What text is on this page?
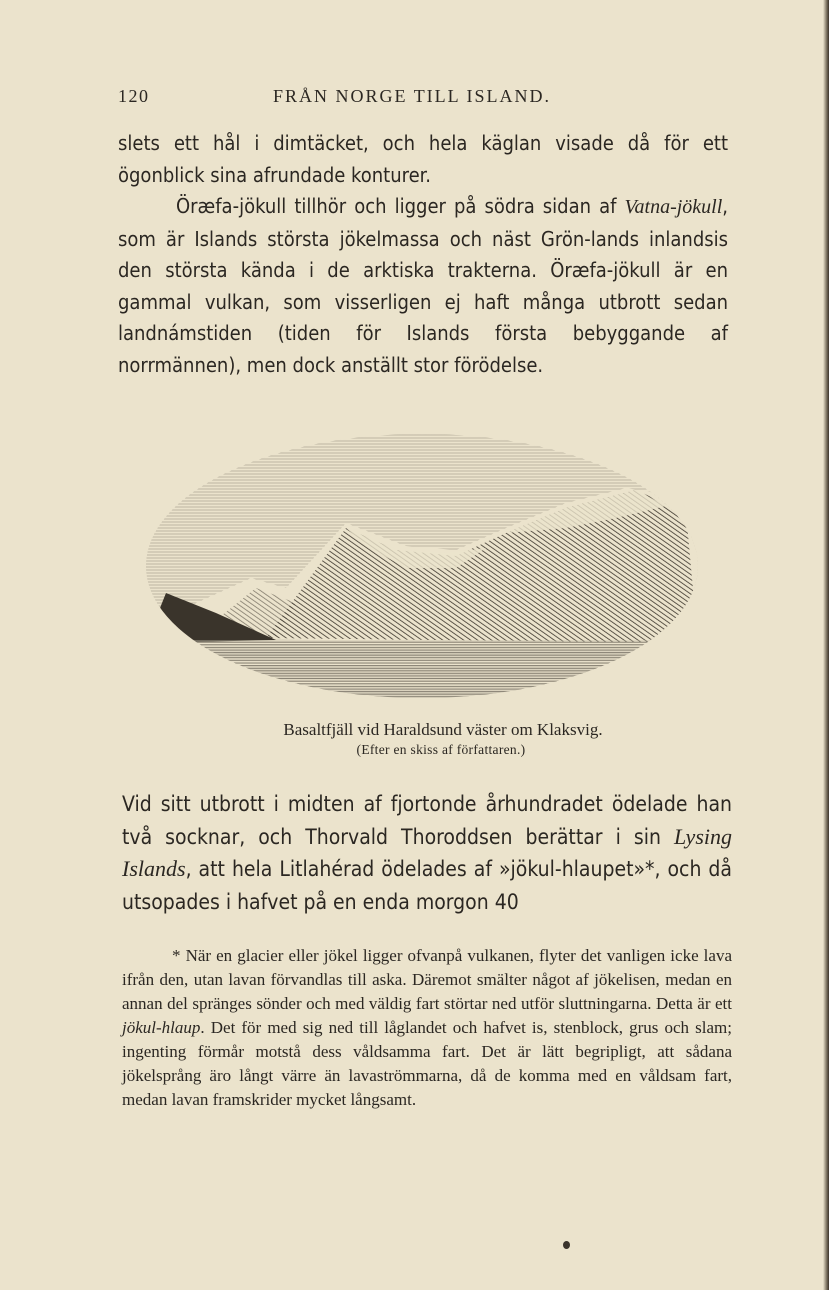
120	FRÅN NORGE TILL ISLAND.

slets ett hål i dimtäcket, och hela käglan visade då för ett ögonblick sina afrundade konturer.

Öræfa-jökull tillhör och ligger på södra sidan af Vatna-jökull, som är Islands största jökelmassa och näst Grön-lands inlandsis den största kända i de arktiska trakterna. Öræfa-jökull är en gammal vulkan, som visserligen ej haft många utbrott sedan landnámstiden (tiden för Islands första bebyggande af norrmännen), men dock anställt stor förödelse.

Basaltfjäll vid Haraldsund väster om Klaksvig.
(Efter en skiss af författaren.)

Vid sitt utbrott i midten af fjortonde århundradet ödelade han två socknar, och Thorvald Thoroddsen berättar i sin Lysing Islands, att hela Litlahérad ödelades af »jökul-hlaupet»*, och då utsopades i hafvet på en enda morgon 40

* När en glacier eller jökel ligger ofvanpå vulkanen, flyter det vanligen icke lava ifrån den, utan lavan förvandlas till aska. Däremot smälter något af jökelisen, medan en annan del spränges sönder och med väldig fart störtar ned utför sluttningarna. Detta är ett jökul-hlaup. Det för med sig ned till låglandet och hafvet is, stenblock, grus och slam; ingenting förmår motstå dess våldsamma fart. Det är lätt begripligt, att sådana jökelsprång äro långt värre än lavaströmmarna, då de komma med en våldsam fart, medan lavan framskrider mycket långsamt.
